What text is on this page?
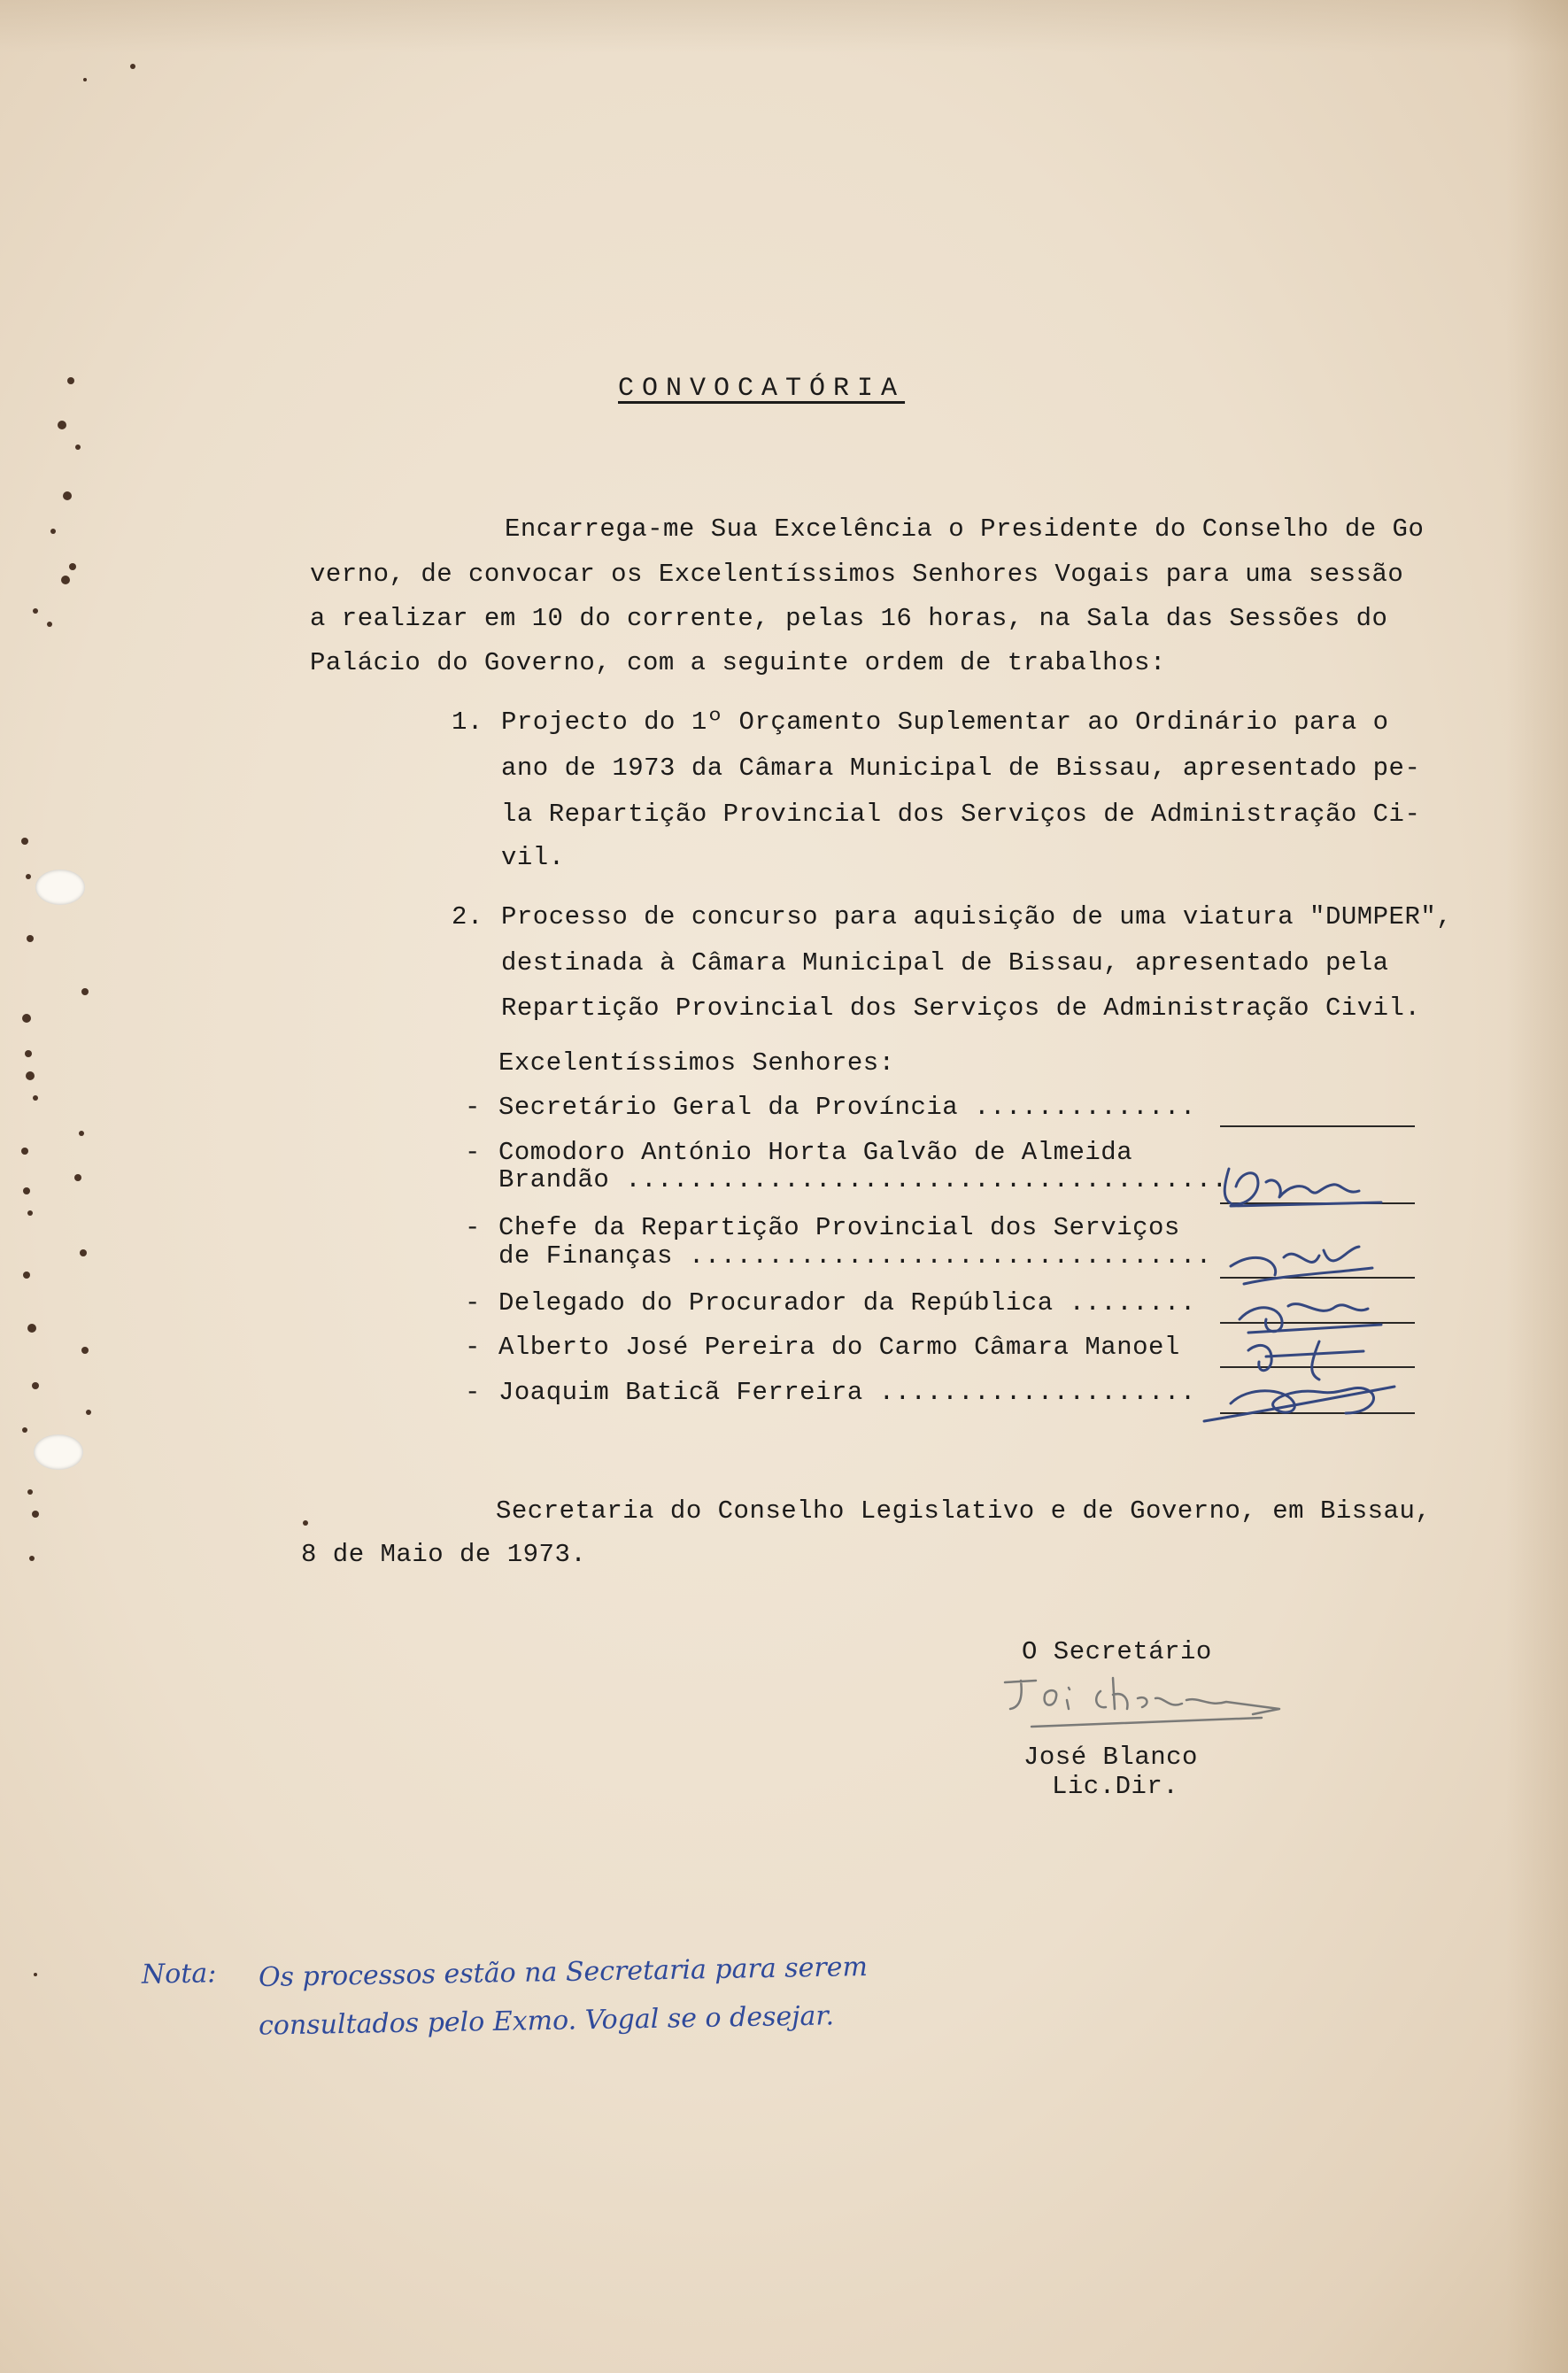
CONVOCATÓRIA
Encarrega-me Sua Excelência o Presidente do Conselho de Go
verno, de convocar os Excelentíssimos Senhores Vogais para uma sessão
a realizar em 10 do corrente, pelas 16 horas, na Sala das Sessões do
Palácio do Governo, com a seguinte ordem de trabalhos:
1. Projecto do 1º Orçamento Suplementar ao Ordinário para o
ano de 1973 da Câmara Municipal de Bissau, apresentado pe-
la Repartição Provincial dos Serviços de Administração Ci-
vil.
2. Processo de concurso para aquisição de uma viatura "DUMPER",
destinada à Câmara Municipal de Bissau, apresentado pela
Repartição Provincial dos Serviços de Administração Civil.
Excelentíssimos Senhores:
- Secretário Geral da Província ..............
- Comodoro António Horta Galvão de Almeida
Brandão ......................................
- Chefe da Repartição Provincial dos Serviços
de Finanças .................................
- Delegado do Procurador da República ........
- Alberto José Pereira do Carmo Câmara Manoel
- Joaquim Baticã Ferreira ....................
Secretaria do Conselho Legislativo e de Governo, em Bissau,
8 de Maio de 1973.
O Secretário
José Blanco
Lic.Dir.
Nota: Os processos estão na Secretaria para serem
consultados pelo Exmo. Vogal se o desejar.
